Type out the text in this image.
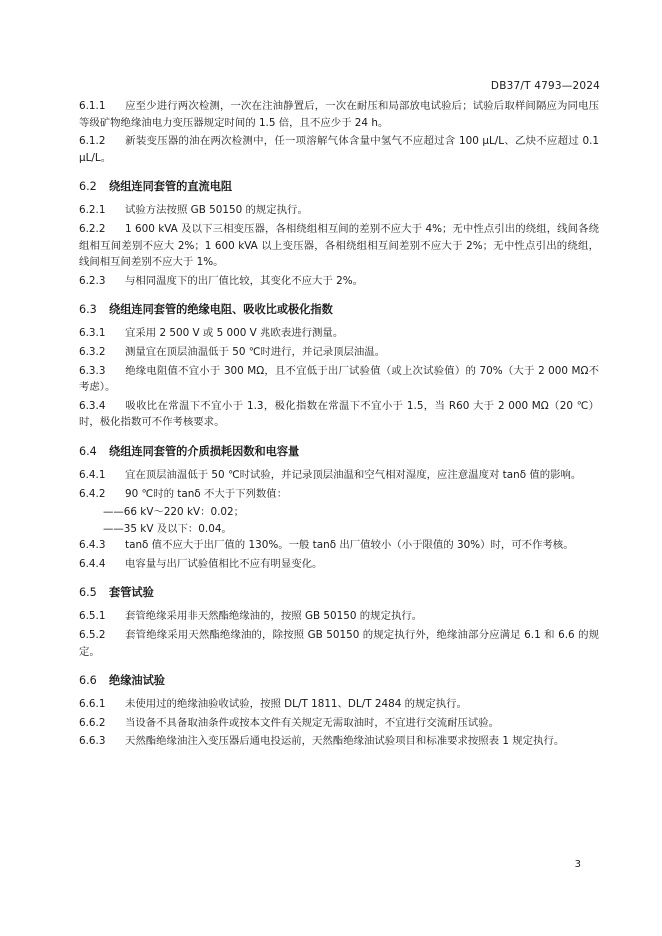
DB37/T 4793—2024
6.1.1 应至少进行两次检测，一次在注油静置后，一次在耐压和局部放电试验后；试验后取样间隔应为同电压等级矿物绝缘油电力变压器规定时间的 1.5 倍，且不应少于 24 h。
6.1.2 新装变压器的油在两次检测中，任一项溶解气体含量中氢气不应超过含 100 μL/L、乙炔不应超过 0.1 μL/L。
6.2 绕组连同套管的直流电阻
6.2.1 试验方法按照 GB 50150 的规定执行。
6.2.2 1 600 kVA 及以下三相变压器，各相绕组相互间的差别不应大于 4%；无中性点引出的绕组，线间各绕组相互间差别不应大 2%；1 600 kVA 以上变压器，各相绕组相互间差别不应大于 2%；无中性点引出的绕组，线间相互间差别不应大于 1%。
6.2.3 与相同温度下的出厂值比较，其变化不应大于 2%。
6.3 绕组连同套管的绝缘电阻、吸收比或极化指数
6.3.1 宜采用 2 500 V 或 5 000 V 兆欧表进行测量。
6.3.2 测量宜在顶层油温低于 50 ℃时进行，并记录顶层油温。
6.3.3 绝缘电阻值不宜小于 300 MΩ，且不宜低于出厂试验值（或上次试验值）的 70%（大于 2 000 MΩ不考虑）。
6.3.4 吸收比在常温下不宜小于 1.3，极化指数在常温下不宜小于 1.5，当 R60 大于 2 000 MΩ（20 ℃）时，极化指数可不作考核要求。
6.4 绕组连同套管的介质损耗因数和电容量
6.4.1 宜在顶层油温低于 50 ℃时试验，并记录顶层油温和空气相对湿度，应注意温度对 tanδ 值的影响。
6.4.2 90 ℃时的 tanδ 不大于下列数值：
——66 kV～220 kV：0.02；
——35 kV 及以下：0.04。
6.4.3 tanδ 值不应大于出厂值的 130%。一般 tanδ 出厂值较小（小于限值的 30%）时，可不作考核。
6.4.4 电容量与出厂试验值相比不应有明显变化。
6.5 套管试验
6.5.1 套管绝缘采用非天然酯绝缘油的，按照 GB 50150 的规定执行。
6.5.2 套管绝缘采用天然酯绝缘油的，除按照 GB 50150 的规定执行外，绝缘油部分应满足 6.1 和 6.6 的规定。
6.6 绝缘油试验
6.6.1 未使用过的绝缘油验收试验，按照 DL/T 1811、DL/T 2484 的规定执行。
6.6.2 当设备不具备取油条件或按本文件有关规定无需取油时，不宜进行交流耐压试验。
6.6.3 天然酯绝缘油注入变压器后通电投运前，天然酯绝缘油试验项目和标准要求按照表 1 规定执行。
3
